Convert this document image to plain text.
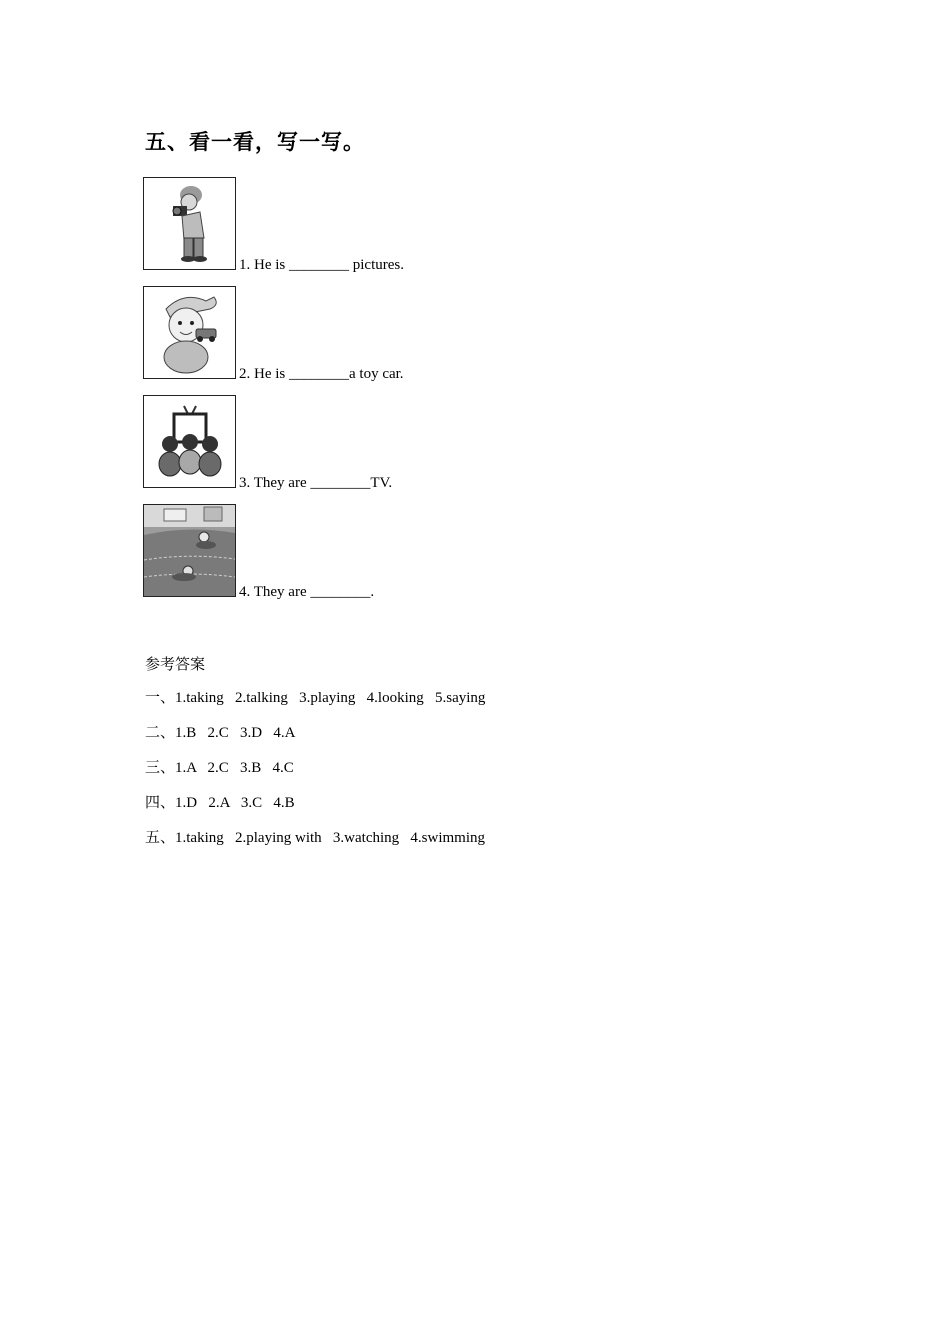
五、看一看，写一写。
1. He is ________ pictures.
2. He is ________a toy car.
3. They are ________TV.
4. They are ________.
参考答案
一、1.taking   2.talking   3.playing   4.looking   5.saying
二、1.B   2.C   3.D   4.A
三、1.A   2.C   3.B   4.C
四、1.D   2.A   3.C   4.B
五、1.taking   2.playing with   3.watching   4.swimming
